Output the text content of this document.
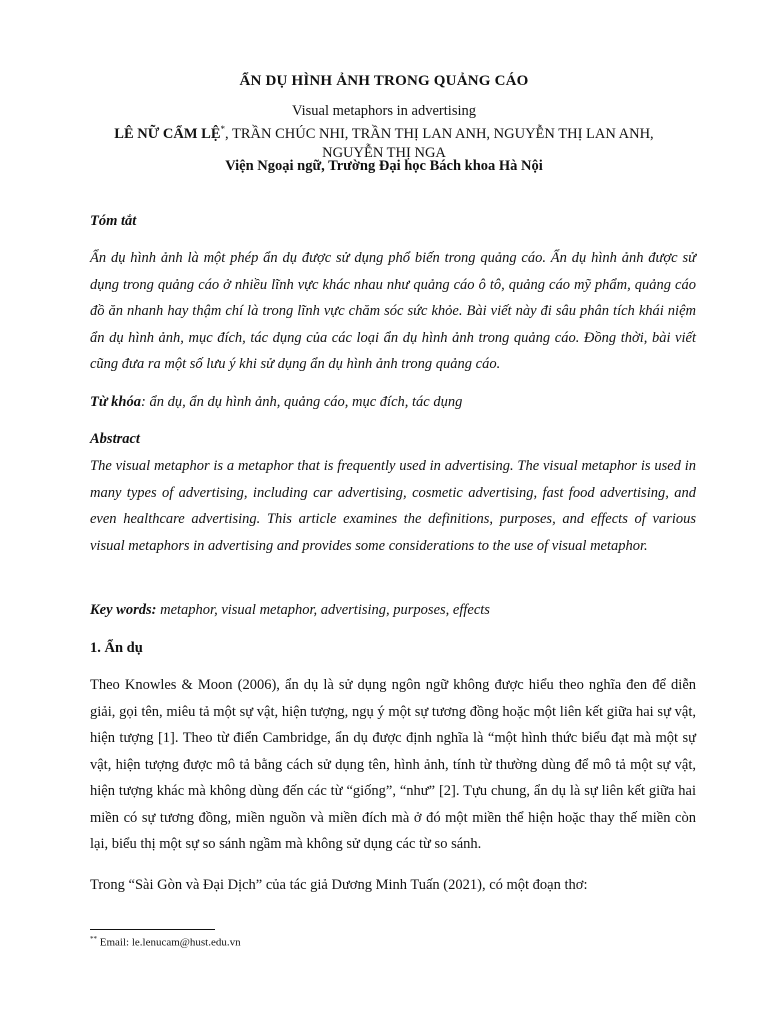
ẨN DỤ HÌNH ẢNH TRONG QUẢNG CÁO
Visual metaphors in advertising
LÊ NỮ CẨM LỆ*, TRẦN CHÚC NHI, TRẦN THỊ LAN ANH, NGUYỄN THỊ LAN ANH, NGUYỄN THỊ NGA
Viện Ngoại ngữ, Trường Đại học Bách khoa Hà Nội
Tóm tắt
Ẩn dụ hình ảnh là một phép ẩn dụ được sử dụng phổ biến trong quảng cáo. Ẩn dụ hình ảnh được sử dụng trong quảng cáo ở nhiều lĩnh vực khác nhau như quảng cáo ô tô, quảng cáo mỹ phẩm, quảng cáo đồ ăn nhanh hay thậm chí là trong lĩnh vực chăm sóc sức khỏe. Bài viết này đi sâu phân tích khái niệm ẩn dụ hình ảnh, mục đích, tác dụng của các loại ẩn dụ hình ảnh trong quảng cáo. Đồng thời, bài viết cũng đưa ra một số lưu ý khi sử dụng ẩn dụ hình ảnh trong quảng cáo.
Từ khóa: ẩn dụ, ẩn dụ hình ảnh, quảng cáo, mục đích, tác dụng
Abstract
The visual metaphor is a metaphor that is frequently used in advertising. The visual metaphor is used in many types of advertising, including car advertising, cosmetic advertising, fast food advertising, and even healthcare advertising. This article examines the definitions, purposes, and effects of various visual metaphors in advertising and provides some considerations to the use of visual metaphor.
Key words: metaphor, visual metaphor, advertising, purposes, effects
1. Ẩn dụ
Theo Knowles & Moon (2006), ẩn dụ là sử dụng ngôn ngữ không được hiểu theo nghĩa đen để diễn giải, gọi tên, miêu tả một sự vật, hiện tượng, ngụ ý một sự tương đồng hoặc một liên kết giữa hai sự vật, hiện tượng [1]. Theo từ điển Cambridge, ẩn dụ được định nghĩa là “một hình thức biểu đạt mà một sự vật, hiện tượng được mô tả bằng cách sử dụng tên, hình ảnh, tính từ thường dùng để mô tả một sự vật, hiện tượng khác mà không dùng đến các từ “giống”, “như” [2]. Tựu chung, ẩn dụ là sự liên kết giữa hai miền có sự tương đồng, miền nguồn và miền đích mà ở đó một miền thể hiện hoặc thay thế miền còn lại, biểu thị một sự so sánh ngầm mà không sử dụng các từ so sánh.
Trong “Sài Gòn và Đại Dịch” của tác giả Dương Minh Tuấn (2021), có một đoạn thơ:
** Email: le.lenucam@hust.edu.vn
